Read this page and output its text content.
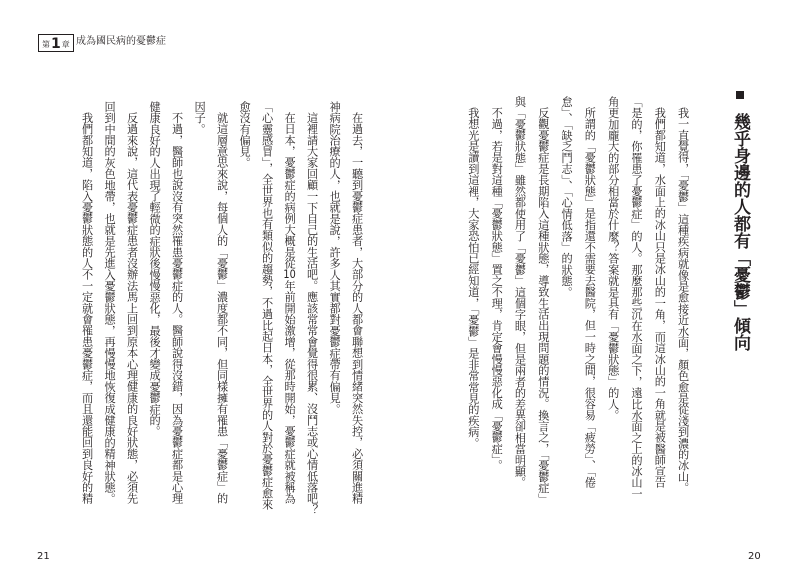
第 1 章 成為國民病的憂鬱症
在過去，一聽到憂鬱症患者，大部分的人都會聯想到情緒突然失控，必須關進精
神病院治療的人，也就是說，許多人其實都對憂鬱症帶有偏見。
這裡請大家回顧一下自己的生活吧。應該常常會覺得很累、沒鬥志或心情低落吧？
在日本，憂鬱症的病例大概是從10年前開始激增，從那時開始，憂鬱症就被稱為
「心靈感冒」，全世界也有類似的趨勢，不過比起日本，全世界的人對於憂鬱症愈來
愈沒有偏見。
就這層意思來說，每個人的「憂鬱」濃度都不同，但同樣擁有罹患「憂鬱症」的
因子。
不過，醫師也說沒有突然罹患憂鬱症的人。醫師說得沒錯，因為憂鬱症都是心理
健康良好的人出現了輕微的症狀後慢慢惡化，最後才變成憂鬱症的。
反過來說，這代表憂鬱症患者沒辦法馬上回到原本心理健康的良好狀態，必須先
回到中間的灰色地帶，也就是先進入憂鬱狀態，再慢慢地恢復成健康的精神狀態。
我們都知道，陷入憂鬱狀態的人不一定就會罹患憂鬱症，而且還能回到良好的精
21
幾乎身邊的人都有「憂鬱」傾向
我一直覺得，「憂鬱」這種疾病就像是愈接近水面，顏色愈是從淺到濃的冰山。
我們都知道，水面上的冰山只是冰山的一角，而這冰山的一角就是被醫師宣告
「是的，你罹患了憂鬱症」的人。那麼那些沉在水面之下，遠比水面之上的冰山一
角更加龐大的部分相當於什麼？答案就是具有「憂鬱狀態」的人。
所謂的「憂鬱狀態」是指還不需要去醫院，但一時之間，很容易「疲勞」、「倦
怠」、「缺乏鬥志」、「心情低落」的狀態。
反觀憂鬱症是長期陷入這種狀態，導致生活出現問題的情況。換言之，「憂鬱症」
與「憂鬱狀態」雖然都使用了「憂鬱」這個字眼，但是兩者的差異卻相當明顯。
不過，若是對這種「憂鬱狀態」置之不理，肯定會慢慢惡化成「憂鬱症」。
我想光是讀到這裡，大家恐怕已經知道，「憂鬱」是非常常見的疾病。
20
